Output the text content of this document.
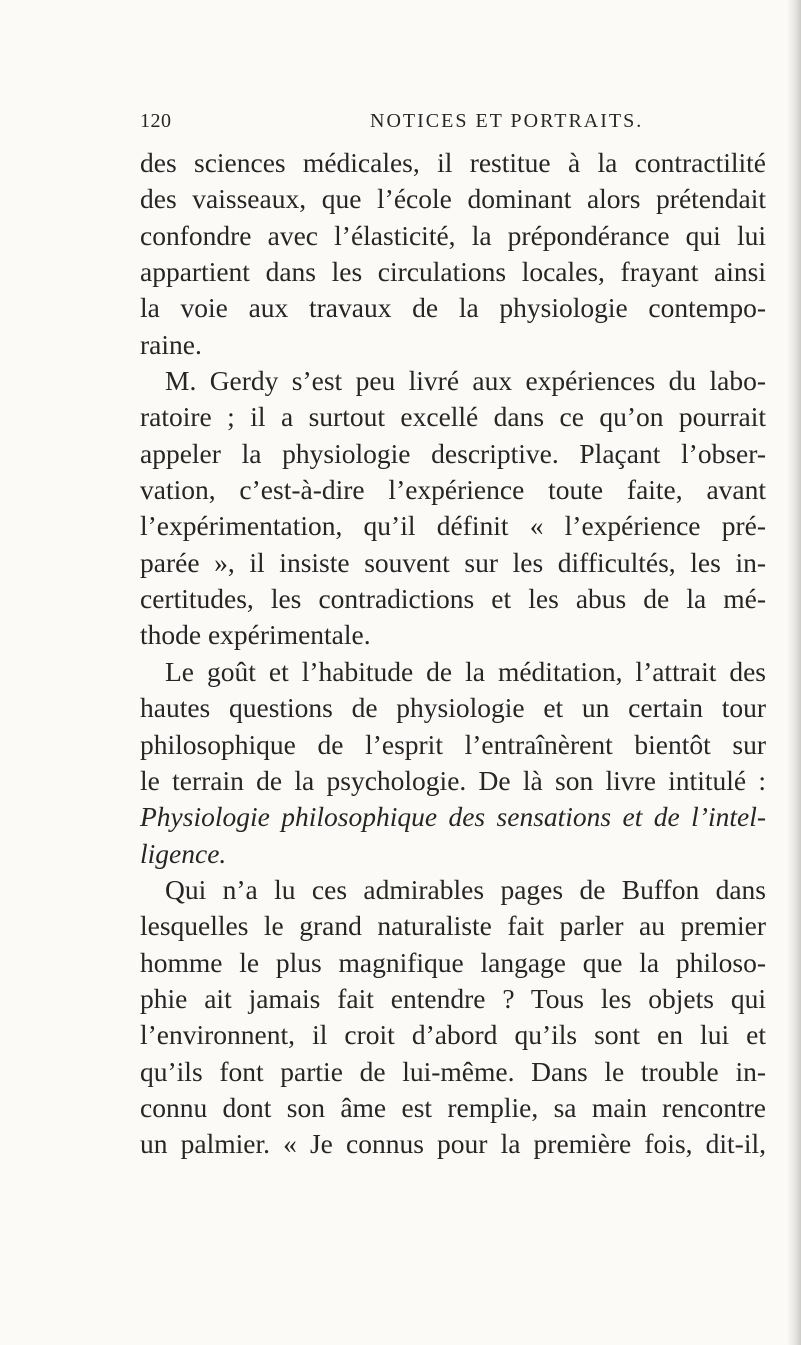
120	NOTICES ET PORTRAITS.
des sciences médicales, il restitue à la contractilité
des vaisseaux, que l’école dominant alors prétendait
confondre avec l’élasticité, la prépondérance qui lui
appartient dans les circulations locales, frayant ainsi
la voie aux travaux de la physiologie contempo-
raine.
M. Gerdy s’est peu livré aux expériences du labo-
ratoire ; il a surtout excellé dans ce qu’on pourrait
appeler la physiologie descriptive. Plaçant l’obser-
vation, c’est-à-dire l’expérience toute faite, avant
l’expérimentation, qu’il définit « l’expérience pré-
parée », il insiste souvent sur les difficultés, les in-
certitudes, les contradictions et les abus de la mé-
thode expérimentale.
Le goût et l’habitude de la méditation, l’attrait des
hautes questions de physiologie et un certain tour
philosophique de l’esprit l’entraînèrent bientôt sur
le terrain de la psychologie. De là son livre intitulé :
Physiologie philosophique des sensations et de l’intel-
ligence.
Qui n’a lu ces admirables pages de Buffon dans
lesquelles le grand naturaliste fait parler au premier
homme le plus magnifique langage que la philoso-
phie ait jamais fait entendre ? Tous les objets qui
l’environnent, il croit d’abord qu’ils sont en lui et
qu’ils font partie de lui-même. Dans le trouble in-
connu dont son âme est remplie, sa main rencontre
un palmier. « Je connus pour la première fois, dit-il,
